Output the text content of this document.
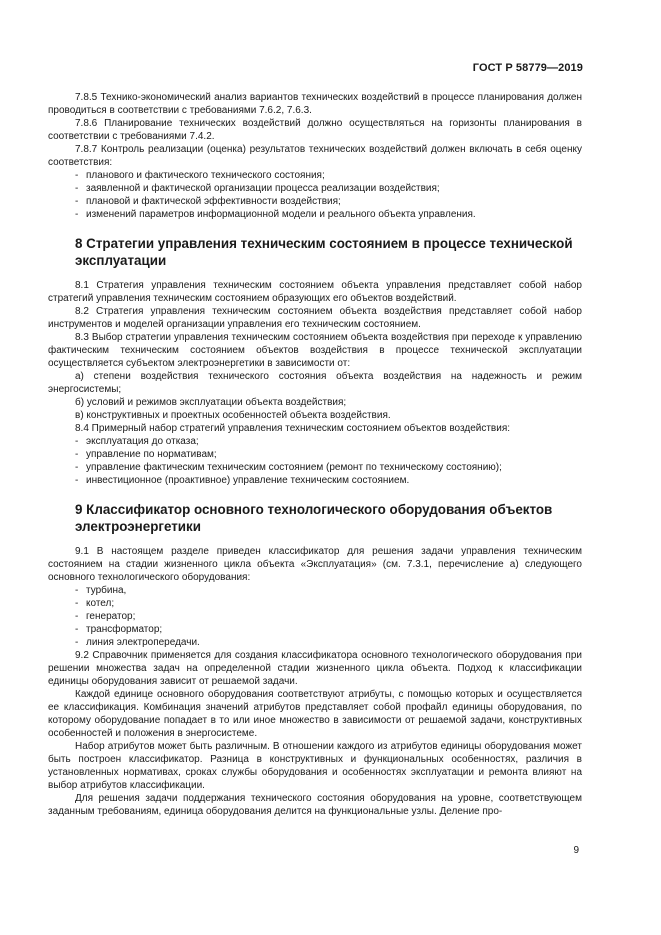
ГОСТ Р 58779—2019

7.8.5 Технико-экономический анализ вариантов технических воздействий в процессе планирования должен проводиться в соответствии с требованиями 7.6.2, 7.6.3.

7.8.6 Планирование технических воздействий должно осуществляться на горизонты планирования в соответствии с требованиями 7.4.2.

7.8.7 Контроль реализации (оценка) результатов технических воздействий должен включать в себя оценку соответствия:

- планового и фактического технического состояния;

- заявленной и фактической организации процесса реализации воздействия;

- плановой и фактической эффективности воздействия;

- изменений параметров информационной модели и реального объекта управления.

8 Стратегии управления техническим состоянием в процессе технической
эксплуатации

8.1 Стратегия управления техническим состоянием объекта управления представляет собой набор стратегий управления техническим состоянием образующих его объектов воздействий.

8.2 Стратегия управления техническим состоянием объекта воздействия представляет собой набор инструментов и моделей организации управления его техническим состоянием.

8.3 Выбор стратегии управления техническим состоянием объекта воздействия при переходе к управлению фактическим техническим состоянием объектов воздействия в процессе технической эксплуатации осуществляется субъектом электроэнергетики в зависимости от:

а) степени воздействия технического состояния объекта воздействия на надежность и режим энергосистемы;

б) условий и режимов эксплуатации объекта воздействия;

в) конструктивных и проектных особенностей объекта воздействия.

8.4 Примерный набор стратегий управления техническим состоянием объектов воздействия:

- эксплуатация до отказа;

- управление по нормативам;

- управление фактическим техническим состоянием (ремонт по техническому состоянию);

- инвестиционное (проактивное) управление техническим состоянием.

9 Классификатор основного технологического оборудования объектов
электроэнергетики

9.1 В настоящем разделе приведен классификатор для решения задачи управления техническим состоянием на стадии жизненного цикла объекта «Эксплуатация» (см. 7.3.1, перечисление а) следующего основного технологического оборудования:

- турбина,

- котел;

- генератор;

- трансформатор;

- линия электропередачи.

9.2 Справочник применяется для создания классификатора основного технологического оборудования при решении множества задач на определенной стадии жизненного цикла объекта. Подход к классификации единицы оборудования зависит от решаемой задачи.

Каждой единице основного оборудования соответствуют атрибуты, с помощью которых и осуществляется ее классификация. Комбинация значений атрибутов представляет собой профайл единицы оборудования, по которому оборудование попадает в то или иное множество в зависимости от решаемой задачи, конструктивных особенностей и положения в энергосистеме.

Набор атрибутов может быть различным. В отношении каждого из атрибутов единицы оборудования может быть построен классификатор. Разница в конструктивных и функциональных особенностях, различия в установленных нормативах, сроках службы оборудования и особенностях эксплуатации и ремонта влияют на выбор атрибутов классификации.

Для решения задачи поддержания технического состояния оборудования на уровне, соответствующем заданным требованиям, единица оборудования делится на функциональные узлы. Деление про-

9
